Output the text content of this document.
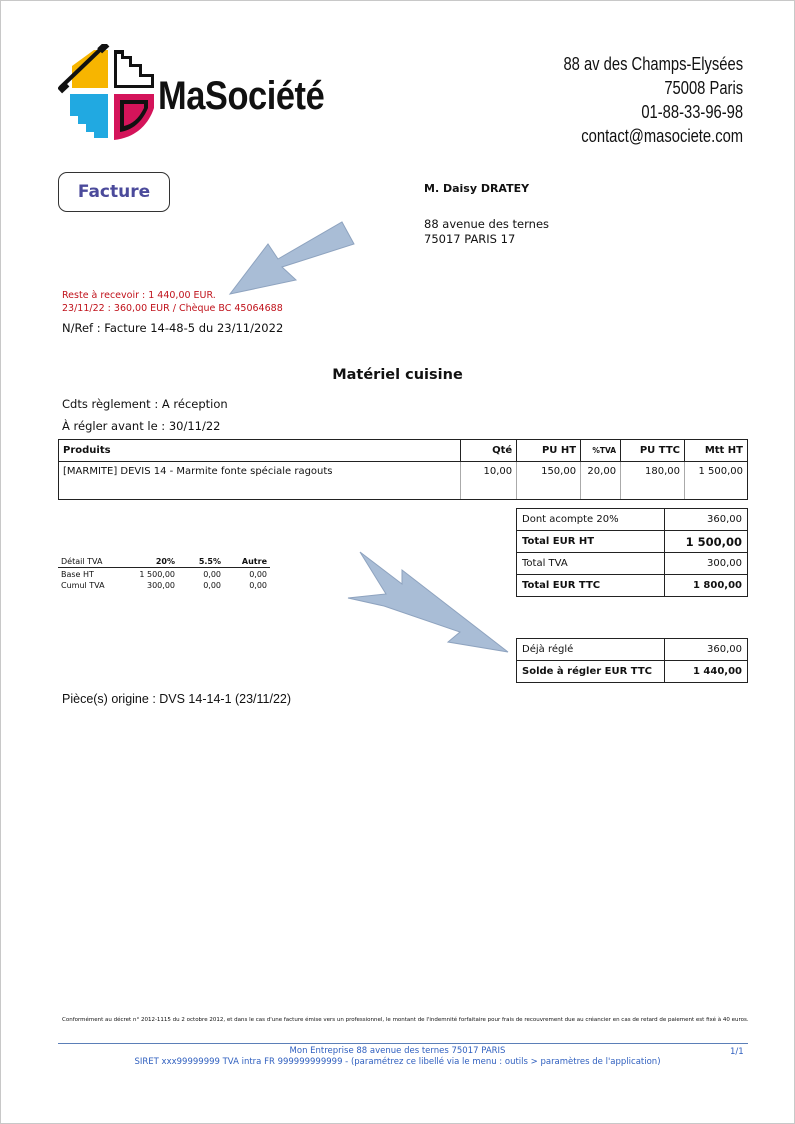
MaSociété
88 av des Champs-Elysées
75008 Paris
01-88-33-96-98
contact@masociete.com
Facture	M. Daisy DRATEY
88 avenue des ternes
75017 PARIS 17
Reste à recevoir : 1 440,00 EUR.
23/11/22 : 360,00 EUR / Chèque BC 45064688
N/Ref : Facture 14-48-5 du 23/11/2022
Matériel cuisine
Cdts règlement : A réception
À régler avant le : 30/11/22
Produits	Qté	PU HT	%TVA	PU TTC	Mtt HT
[MARMITE] DEVIS 14 - Marmite fonte spéciale ragouts	10,00	150,00	20,00	180,00	1 500,00
Dont acompte 20%	360,00
Total EUR HT	1 500,00
Total TVA	300,00
Total EUR TTC	1 800,00
Détail TVA	20%	5.5%	Autre
Base HT	1 500,00	0,00	0,00
Cumul TVA	300,00	0,00	0,00
Déjà réglé	360,00
Solde à régler EUR TTC	1 440,00
Pièce(s) origine : DVS 14-14-1 (23/11/22)
Conformément au décret n° 2012-1115 du 2 octobre 2012, et dans le cas d'une facture émise vers un professionnel, le montant de l'indemnité forfaitaire pour frais de recouvrement due au créancier en cas de retard de paiement est fixé à 40 euros.
Mon Entreprise 88 avenue des ternes 75017 PARIS
SIRET xxx99999999 TVA intra FR 999999999999 - (paramétrez ce libellé via le menu : outils > paramètres de l'application)
1/1
